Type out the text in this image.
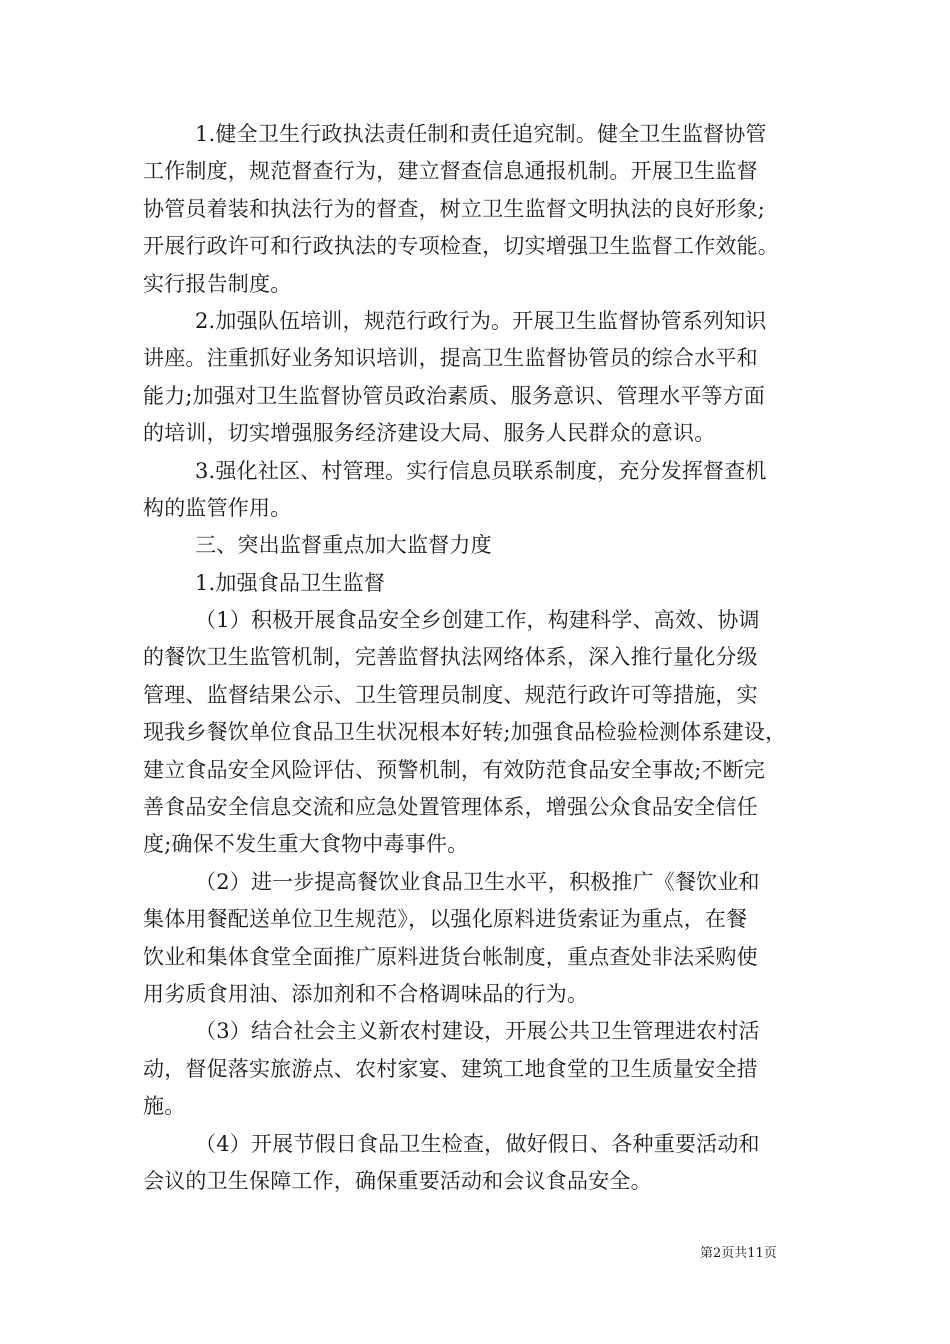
1.健全卫生行政执法责任制和责任追究制。健全卫生监督协管
工作制度，规范督查行为，建立督查信息通报机制。开展卫生监督
协管员着装和执法行为的督查，树立卫生监督文明执法的良好形象;
开展行政许可和行政执法的专项检查，切实增强卫生监督工作效能。
实行报告制度。
2.加强队伍培训，规范行政行为。开展卫生监督协管系列知识
讲座。注重抓好业务知识培训，提高卫生监督协管员的综合水平和
能力;加强对卫生监督协管员政治素质、服务意识、管理水平等方面
的培训，切实增强服务经济建设大局、服务人民群众的意识。
3.强化社区、村管理。实行信息员联系制度，充分发挥督查机
构的监管作用。
三、突出监督重点加大监督力度
1.加强食品卫生监督
（1）积极开展食品安全乡创建工作，构建科学、高效、协调
的餐饮卫生监管机制，完善监督执法网络体系，深入推行量化分级
管理、监督结果公示、卫生管理员制度、规范行政许可等措施，实
现我乡餐饮单位食品卫生状况根本好转;加强食品检验检测体系建设，
建立食品安全风险评估、预警机制，有效防范食品安全事故;不断完
善食品安全信息交流和应急处置管理体系，增强公众食品安全信任
度;确保不发生重大食物中毒事件。
（2）进一步提高餐饮业食品卫生水平，积极推广《餐饮业和
集体用餐配送单位卫生规范》，以强化原料进货索证为重点，在餐
饮业和集体食堂全面推广原料进货台帐制度，重点查处非法采购使
用劣质食用油、添加剂和不合格调味品的行为。
（3）结合社会主义新农村建设，开展公共卫生管理进农村活
动，督促落实旅游点、农村家宴、建筑工地食堂的卫生质量安全措
施。
（4）开展节假日食品卫生检查，做好假日、各种重要活动和
会议的卫生保障工作，确保重要活动和会议食品安全。
第2页共11页
